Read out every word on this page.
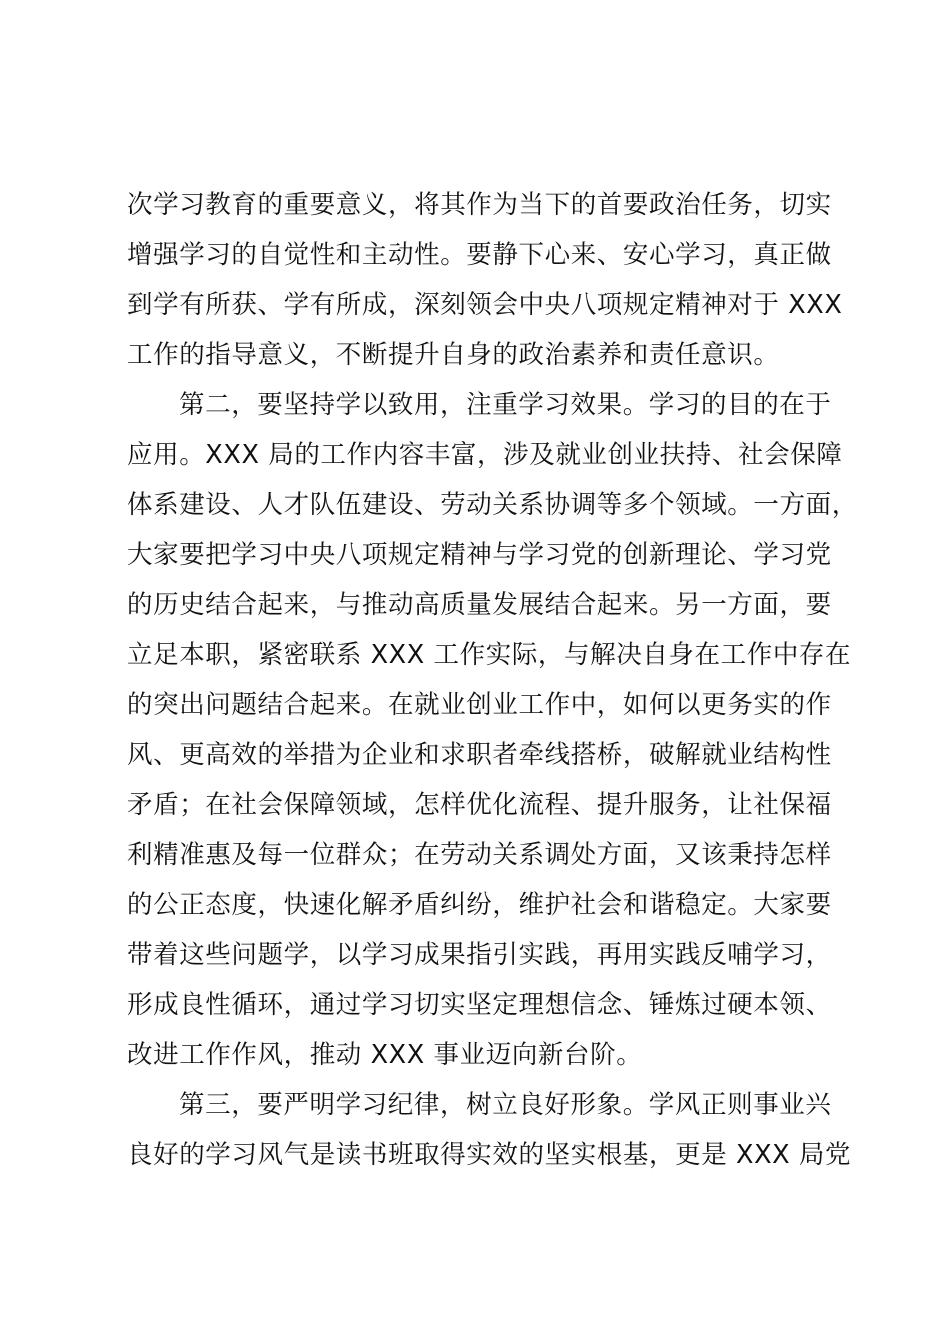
次学习教育的重要意义，将其作为当下的首要政治任务，切实
增强学习的自觉性和主动性。要静下心来、安心学习，真正做
到学有所获、学有所成，深刻领会中央八项规定精神对于 XXX
工作的指导意义，不断提升自身的政治素养和责任意识。
第二，要坚持学以致用，注重学习效果。学习的目的在于
应用。XXX 局的工作内容丰富，涉及就业创业扶持、社会保障
体系建设、人才队伍建设、劳动关系协调等多个领域。一方面，
大家要把学习中央八项规定精神与学习党的创新理论、学习党
的历史结合起来，与推动高质量发展结合起来。另一方面，要
立足本职，紧密联系 XXX 工作实际，与解决自身在工作中存在
的突出问题结合起来。在就业创业工作中，如何以更务实的作
风、更高效的举措为企业和求职者牵线搭桥，破解就业结构性
矛盾；在社会保障领域，怎样优化流程、提升服务，让社保福
利精准惠及每一位群众；在劳动关系调处方面，又该秉持怎样
的公正态度，快速化解矛盾纠纷，维护社会和谐稳定。大家要
带着这些问题学，以学习成果指引实践，再用实践反哺学习，
形成良性循环，通过学习切实坚定理想信念、锤炼过硬本领、
改进工作作风，推动 XXX 事业迈向新台阶。
第三，要严明学习纪律，树立良好形象。学风正则事业兴
良好的学习风气是读书班取得实效的坚实根基，更是 XXX 局党
